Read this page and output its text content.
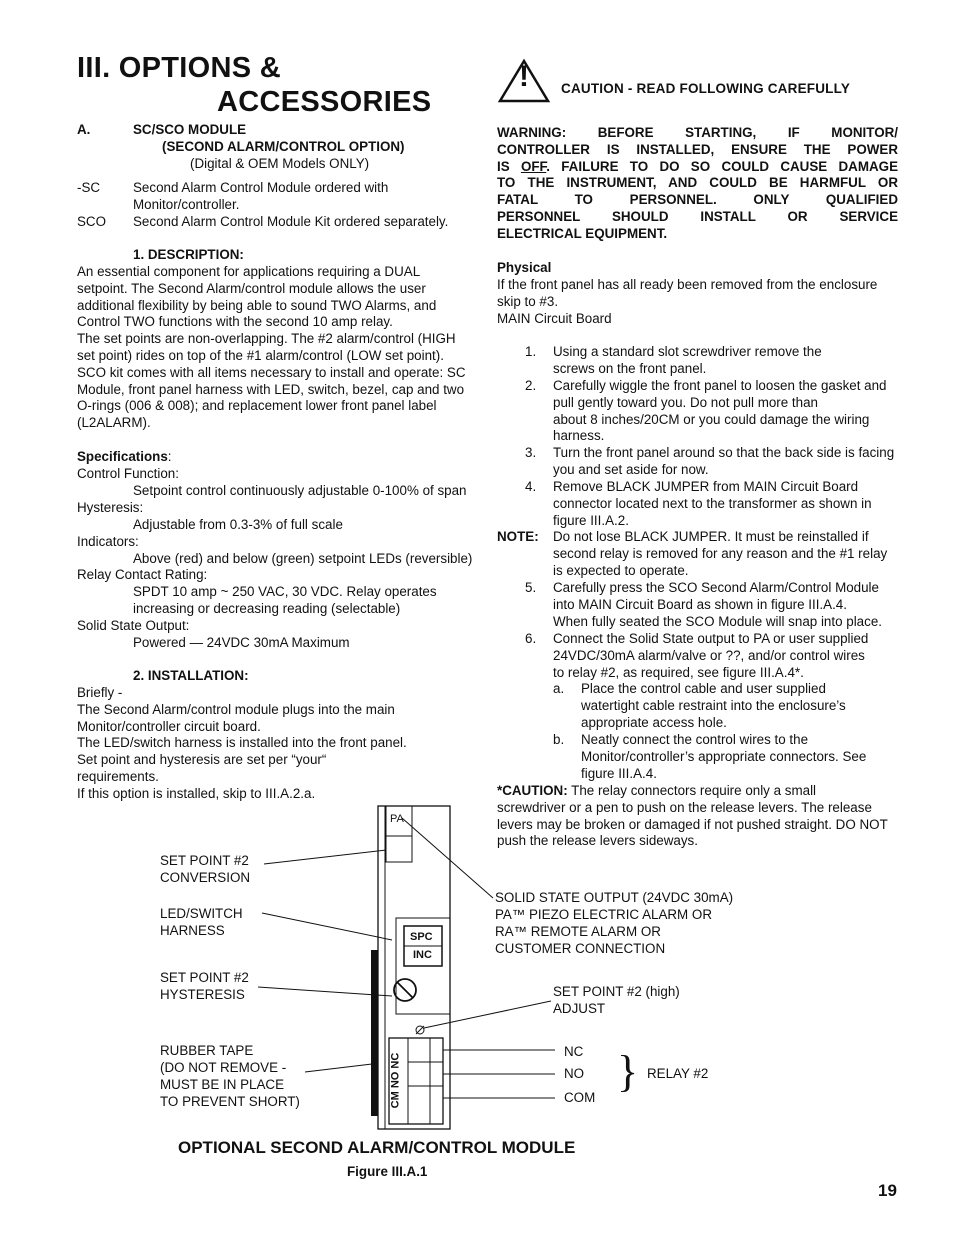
III. OPTIONS &
ACCESSORIES
A.	SC/SCO MODULE
(SECOND ALARM/CONTROL OPTION)
(Digital & OEM Models ONLY)
-SC Second Alarm Control Module ordered with
Monitor/controller.
SCO Second Alarm Control Module Kit ordered separately.
1. DESCRIPTION:
An essential component for applications requiring a DUAL
setpoint. The Second Alarm/control module allows the user
additional flexibility by being able to sound TWO Alarms, and
Control TWO functions with the second 10 amp relay.
The set points are non-overlapping. The #2 alarm/control (HIGH
set point) rides on top of the #1 alarm/control (LOW set point).
SCO kit comes with all items necessary to install and operate: SC
Module, front panel harness with LED, switch, bezel, cap and two
O-rings (006 & 008); and replacement lower front panel label
(L2ALARM).
Specifications:
Control Function:
Setpoint control continuously adjustable 0-100% of span
Hysteresis:
Adjustable from 0.3-3% of full scale
Indicators:
Above (red) and below (green) setpoint LEDs (reversible)
Relay Contact Rating:
SPDT 10 amp ~ 250 VAC, 30 VDC. Relay operates
increasing or decreasing reading (selectable)
Solid State Output:
Powered — 24VDC 30mA Maximum
2. INSTALLATION:
Briefly -
The Second Alarm/control module plugs into the main
Monitor/controller circuit board.
The LED/switch harness is installed into the front panel.
Set point and hysteresis are set per “your“
requirements.
If this option is installed, skip to III.A.2.a.
! CAUTION - READ FOLLOWING CAREFULLY
WARNING: BEFORE STARTING, IF MONITOR/
CONTROLLER IS INSTALLED, ENSURE THE POWER
IS OFF. FAILURE TO DO SO COULD CAUSE DAMAGE
TO THE INSTRUMENT, AND COULD BE HARMFUL OR
FATAL TO PERSONNEL. ONLY QUALIFIED
PERSONNEL SHOULD INSTALL OR SERVICE
ELECTRICAL EQUIPMENT.
Physical
If the front panel has all ready been removed from the enclosure
skip to #3.
MAIN Circuit Board
1. Using a standard slot screwdriver remove the
screws on the front panel.
2. Carefully wiggle the front panel to loosen the gasket and
pull gently toward you. Do not pull more than
about 8 inches/20CM or you could damage the wiring
harness.
3. Turn the front panel around so that the back side is facing
you and set aside for now.
4. Remove BLACK JUMPER from MAIN Circuit Board
connector located next to the transformer as shown in
figure III.A.2.
NOTE: Do not lose BLACK JUMPER. It must be reinstalled if
second relay is removed for any reason and the #1 relay
is expected to operate.
5. Carefully press the SCO Second Alarm/Control Module
into MAIN Circuit Board as shown in figure III.A.4.
When fully seated the SCO Module will snap into place.
6. Connect the Solid State output to PA or user supplied
24VDC/30mA alarm/valve or ??, and/or control wires
to relay #2, as required, see figure III.A.4*.
a. Place the control cable and user supplied
watertight cable restraint into the enclosure’s
appropriate access hole.
b. Neatly connect the control wires to the
Monitor/controller’s appropriate connectors. See
figure III.A.4.
*CAUTION: The relay connectors require only a small
screwdriver or a pen to push on the release levers. The release
levers may be broken or damaged if not pushed straight. DO NOT
push the release levers sideways.
PA
SPC
INC
CM NO NC
SET POINT #2
CONVERSION
LED/SWITCH
HARNESS
SET POINT #2
HYSTERESIS
RUBBER TAPE
(DO NOT REMOVE -
MUST BE IN PLACE
TO PREVENT SHORT)
SOLID STATE OUTPUT (24VDC 30mA)
PA™ PIEZO ELECTRIC ALARM OR
RA™ REMOTE ALARM OR
CUSTOMER CONNECTION
SET POINT #2 (high)
ADJUST
NC
NO
COM
} RELAY #2
OPTIONAL SECOND ALARM/CONTROL MODULE
Figure III.A.1
19
